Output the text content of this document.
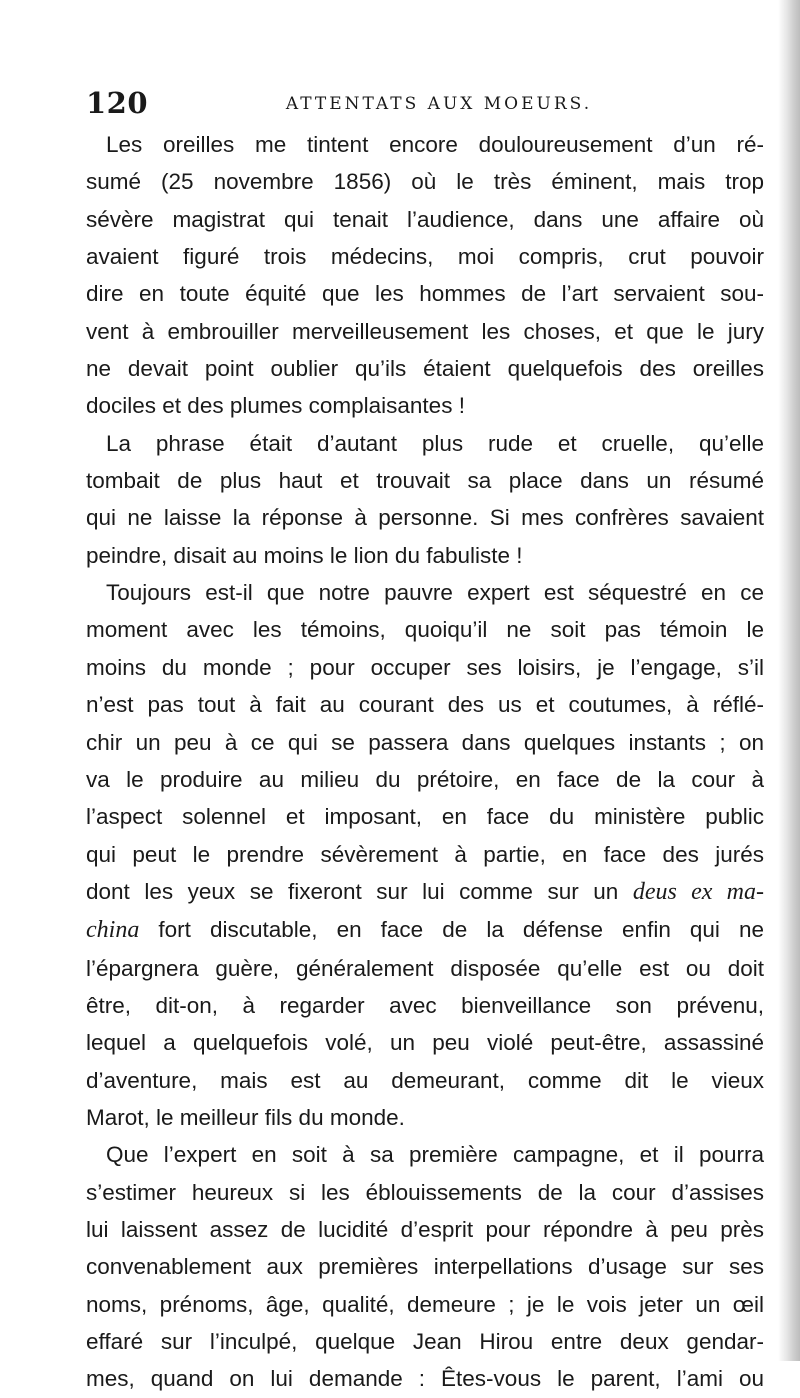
120	ATTENTATS AUX MOEURS.
Les oreilles me tintent encore douloureusement d’un ré-
sumé (25 novembre 1856) où le très éminent, mais trop
sévère magistrat qui tenait l’audience, dans une affaire où
avaient figuré trois médecins, moi compris, crut pouvoir
dire en toute équité que les hommes de l’art servaient sou-
vent à embrouiller merveilleusement les choses, et que le jury
ne devait point oublier qu’ils étaient quelquefois des oreilles
dociles et des plumes complaisantes !
La phrase était d’autant plus rude et cruelle, qu’elle
tombait de plus haut et trouvait sa place dans un résumé
qui ne laisse la réponse à personne. Si mes confrères savaient
peindre, disait au moins le lion du fabuliste !
Toujours est-il que notre pauvre expert est séquestré en ce
moment avec les témoins, quoiqu’il ne soit pas témoin le
moins du monde ; pour occuper ses loisirs, je l’engage, s’il
n’est pas tout à fait au courant des us et coutumes, à réflé-
chir un peu à ce qui se passera dans quelques instants ; on
va le produire au milieu du prétoire, en face de la cour à
l’aspect solennel et imposant, en face du ministère public
qui peut le prendre sévèrement à partie, en face des jurés
dont les yeux se fixeront sur lui comme sur un deus ex ma-
china fort discutable, en face de la défense enfin qui ne
l’épargnera guère, généralement disposée qu’elle est ou doit
être, dit-on, à regarder avec bienveillance son prévenu,
lequel a quelquefois volé, un peu violé peut-être, assassiné
d’aventure, mais est au demeurant, comme dit le vieux
Marot, le meilleur fils du monde.
Que l’expert en soit à sa première campagne, et il pourra
s’estimer heureux si les éblouissements de la cour d’assises
lui laissent assez de lucidité d’esprit pour répondre à peu près
convenablement aux premières interpellations d’usage sur ses
noms, prénoms, âge, qualité, demeure ; je le vois jeter un œil
effaré sur l’inculpé, quelque Jean Hirou entre deux gendar-
mes, quand on lui demande : Êtes-vous le parent, l’ami ou
